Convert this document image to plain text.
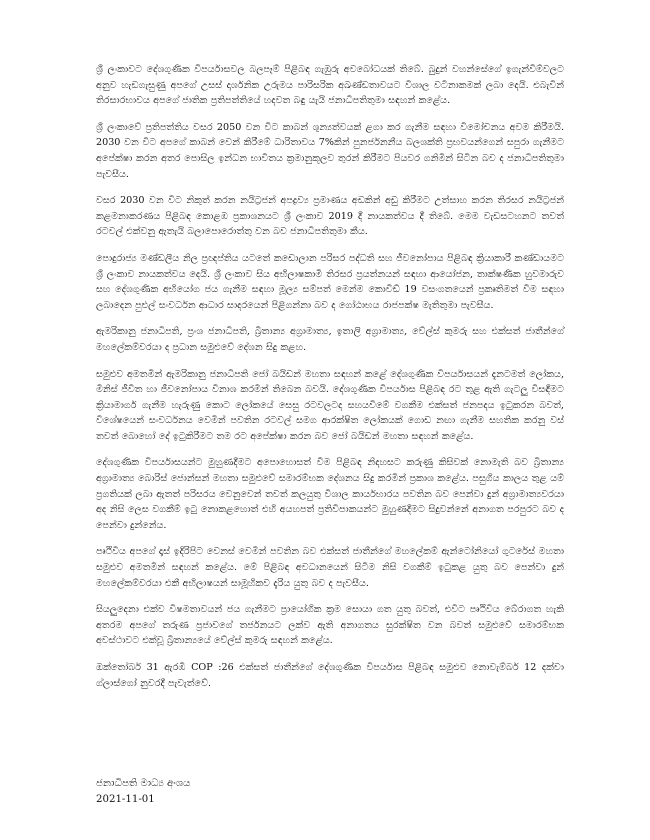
ශ්‍රී ලංකාවට දේශගුණික විපර්යාසවල බලපෑම් පිළිබඳ ගැඹුරු අවබෝධයක් තිබේ. බුදුන් වහන්සේගේ ඉගැන්වීම්වලට අනුව හැඩගැසුණු අපගේ උසස් දාර්ශනික උරුමය පාරිසරික අඛණ්ඩතාවයට විශාල වටිනාකමක් ලබා දෙයි. එබැවින් තිරසාරභාවය අපගේ ජාතික ප්‍රතිපත්තියේ හදවත බඳු යැයි ජනාධිපතිතුමා සඳහන් කළේය.

ශ්‍රී ලංකාවේ ප්‍රතිපත්තිය වසර 2050 වන විට කාබන් ශුන්‍යත්වයක් ළගා කර ගැනීම සඳහා විමෝචනය අවම කිරීමයි. 2030 වන විට අපගේ කාබන් වෙන් කිරීමේ ධාරිතාවය 7%කින් පුනර්ජනනීය බලශක්ති ප්‍රභවයන්ගෙන් සපුරා ගැනීමට අපේක්ෂා කරන අතර පොසිල ඉන්ධන භාවිතය ක්‍රමානුකූලව තුරන් කිරීමට පියවර ගනිමින් සිටින බව ද ජනාධිපතිතුමා පැවසීය.

වසර 2030 වන විට නිකුත් කරන නයිට්‍රජන් අපද්‍රව්‍ය ප්‍රමාණය අඩකින් අඩු කිරීමට උත්සාහ කරන තිරසර නයිට්‍රජන් කළමනාකරණය පිළිබඳ කොළඹ ප්‍රකාශනයට ශ්‍රී ලංකාව 2019 දී නායකත්වය දී තිබේ. මෙම වැඩසටහනට තවත් රටවල් එක්වනු ඇතැයි බලාපොරොත්තු වන බව ජනාධිපතිතුමා කීය.

පොදුරාජ්‍ය මණ්ඩලීය නිල ප්‍රඥප්තිය යටතේ කඩොලාන පරිසර පද්ධති සහ ජීවනෝපාය පිළිබඳ ක්‍රියාකාරී කණ්ඩායමට ශ්‍රී ලංකාව නායකත්වය දෙයි. ශ්‍රී ලංකාව සිය අභිලාෂකාමී තිරසර ප්‍රයත්නයන් සඳහා ආයෝජන, තාක්ෂණික හුවමාරුව සහ දේශගුණික අභියෝග ජය ගැනීම සඳහා මූල්‍ය සම්පත් මෙන්ම කොවිඩ් 19 වසංගතයෙන් ප්‍රකෘතිමත් වීම සඳහා ලබාදෙන පුළුල් සංවර්ධන ආධාර සාදරයෙන් පිළිගන්නා බව ද ගෝඨාභය රාජපක්ෂ මැතිතුමා පැවසීය.

ඇමරිකානු ජනාධිපති, ප්‍රංශ ජනාධිපති, බ්‍රිතාන්‍ය අග්‍රාමාත්‍ය, ඉතාලි අග්‍රාමාත්‍ය, වේල්ස් කුමරු සහ එක්සත් ජාතීන්ගේ මහලේකම්වරයා ද ප්‍රධාන සමුළුවේ දේශන සිදු කළහ.

සමුළුව අමතමින් ඇමරිකානු ජනාධිපති ජෝ බයිඩන් මහතා සඳහන් කළේ දේශගුණික විපර්යාසයන් දැනටමත් ලෝකය, මිනිස් ජීවිත හා ජීවනෝපාය විනාශ කරමින් තිබෙන බවයි. දේශගුණික විපර්යාස පිළිබඳ රට තුළ ඇති ගැටලු විසඳීමට ක්‍රියාමාර්ග ගැනීම හැරුණු කොට ලෝකයේ සෙසු රටවලටද සහයවීමේ වගකීම එක්සත් ජනපදය ඉටුකරන බවත්, විශේෂයෙන් සංවර්ධනය වෙමින් පවතින රටවල් සමග ආරක්ෂිත ලෝකයක් ගොඩ නඟා ගැනීම සහතික කරනු වස් තවත් බොහෝ දේ ඉටුකිරීමට තම රට අපේක්ෂා කරන බව ජෝ බයිඩන් මහතා සඳහන් කළේය.

දේශගුණික විපර්යාසයන්ට මුහුණදීමට අපොහොසත් වීම පිළිබඳ නිදහසට කරුණු කිසිවක් නොමැති බව බ්‍රිතාන්‍ය අග්‍රාමාත්‍ය බොරිස් ජොන්සන් මහතා සමුළුවේ සමාරම්භක දේශනය සිදු කරමින් ප්‍රකාශ කළේය. පසුගිය කාලය තුළ යම් ප්‍රගතියක් ලබා ඇතත් පරිසරය වෙනුවෙන් තවත් කලයුතු විශාල කාර්යභාරය පවතින බව පෙන්වා දුන් අග්‍රාමාත්‍යවරයා අද නිසි ලෙස වගකීම් ඉටු නොකළහොත් එහි අයහපත් ප්‍රතිවිපාකයන්ට මුහුණදීමට සිදුවන්නේ අනාගත පරපුරට බව ද පෙන්වා දුන්නේය.

පෘථිවිය අපගේ දෑස් ඉදිරිපිට වෙනස් වෙමින් පවතින බව එක්සත් ජාතීන්ගේ මහලේකම් ඇන්ටෝනියෝ ගුටරේස් මහතා සමුළුව අමතමින් සඳහන් කළේය. මේ පිළිබඳ අවධානයෙන් සිටීම නිසි වගකීම් ඉටුකළ යුතු බව පෙන්වා දුන් මහලේකම්වරයා එකී අභිලාෂයන් සාමූහිකව දැරිය යුතු බව ද පැවසීය.

සියලුදෙනා එක්ව විෂමතාවයන් ජය ගැනීමට ප්‍රායෝගික ක්‍රම සොයා ගත යුතු බවත්, එවිට පෘථිවිය බේරාගත හැකි අතරම අපගේ තරුණ ප්‍රජාවගේ තර්ජනයට ලක්ව ඇති අනාගතය සුරක්ෂිත වන බවත් සමුළුවේ සමාරම්භක අවස්ථාවට එක්වූ බ්‍රිතාන්‍යයේ වේල්ස් කුමරු සඳහන් කළේය.

ඔක්තෝබර් 31 ඇරඹි COP :26 එක්සත් ජාතීන්ගේ දේශගුණික විපර්යාස පිළිබඳ සමුළුව නොවැම්බර් 12 දක්වා ග්ලාස්ගෝ නුවරදී පැවැත්වේ.

ජනාධිපති මාධ්‍ය අංශය
2021-11-01
